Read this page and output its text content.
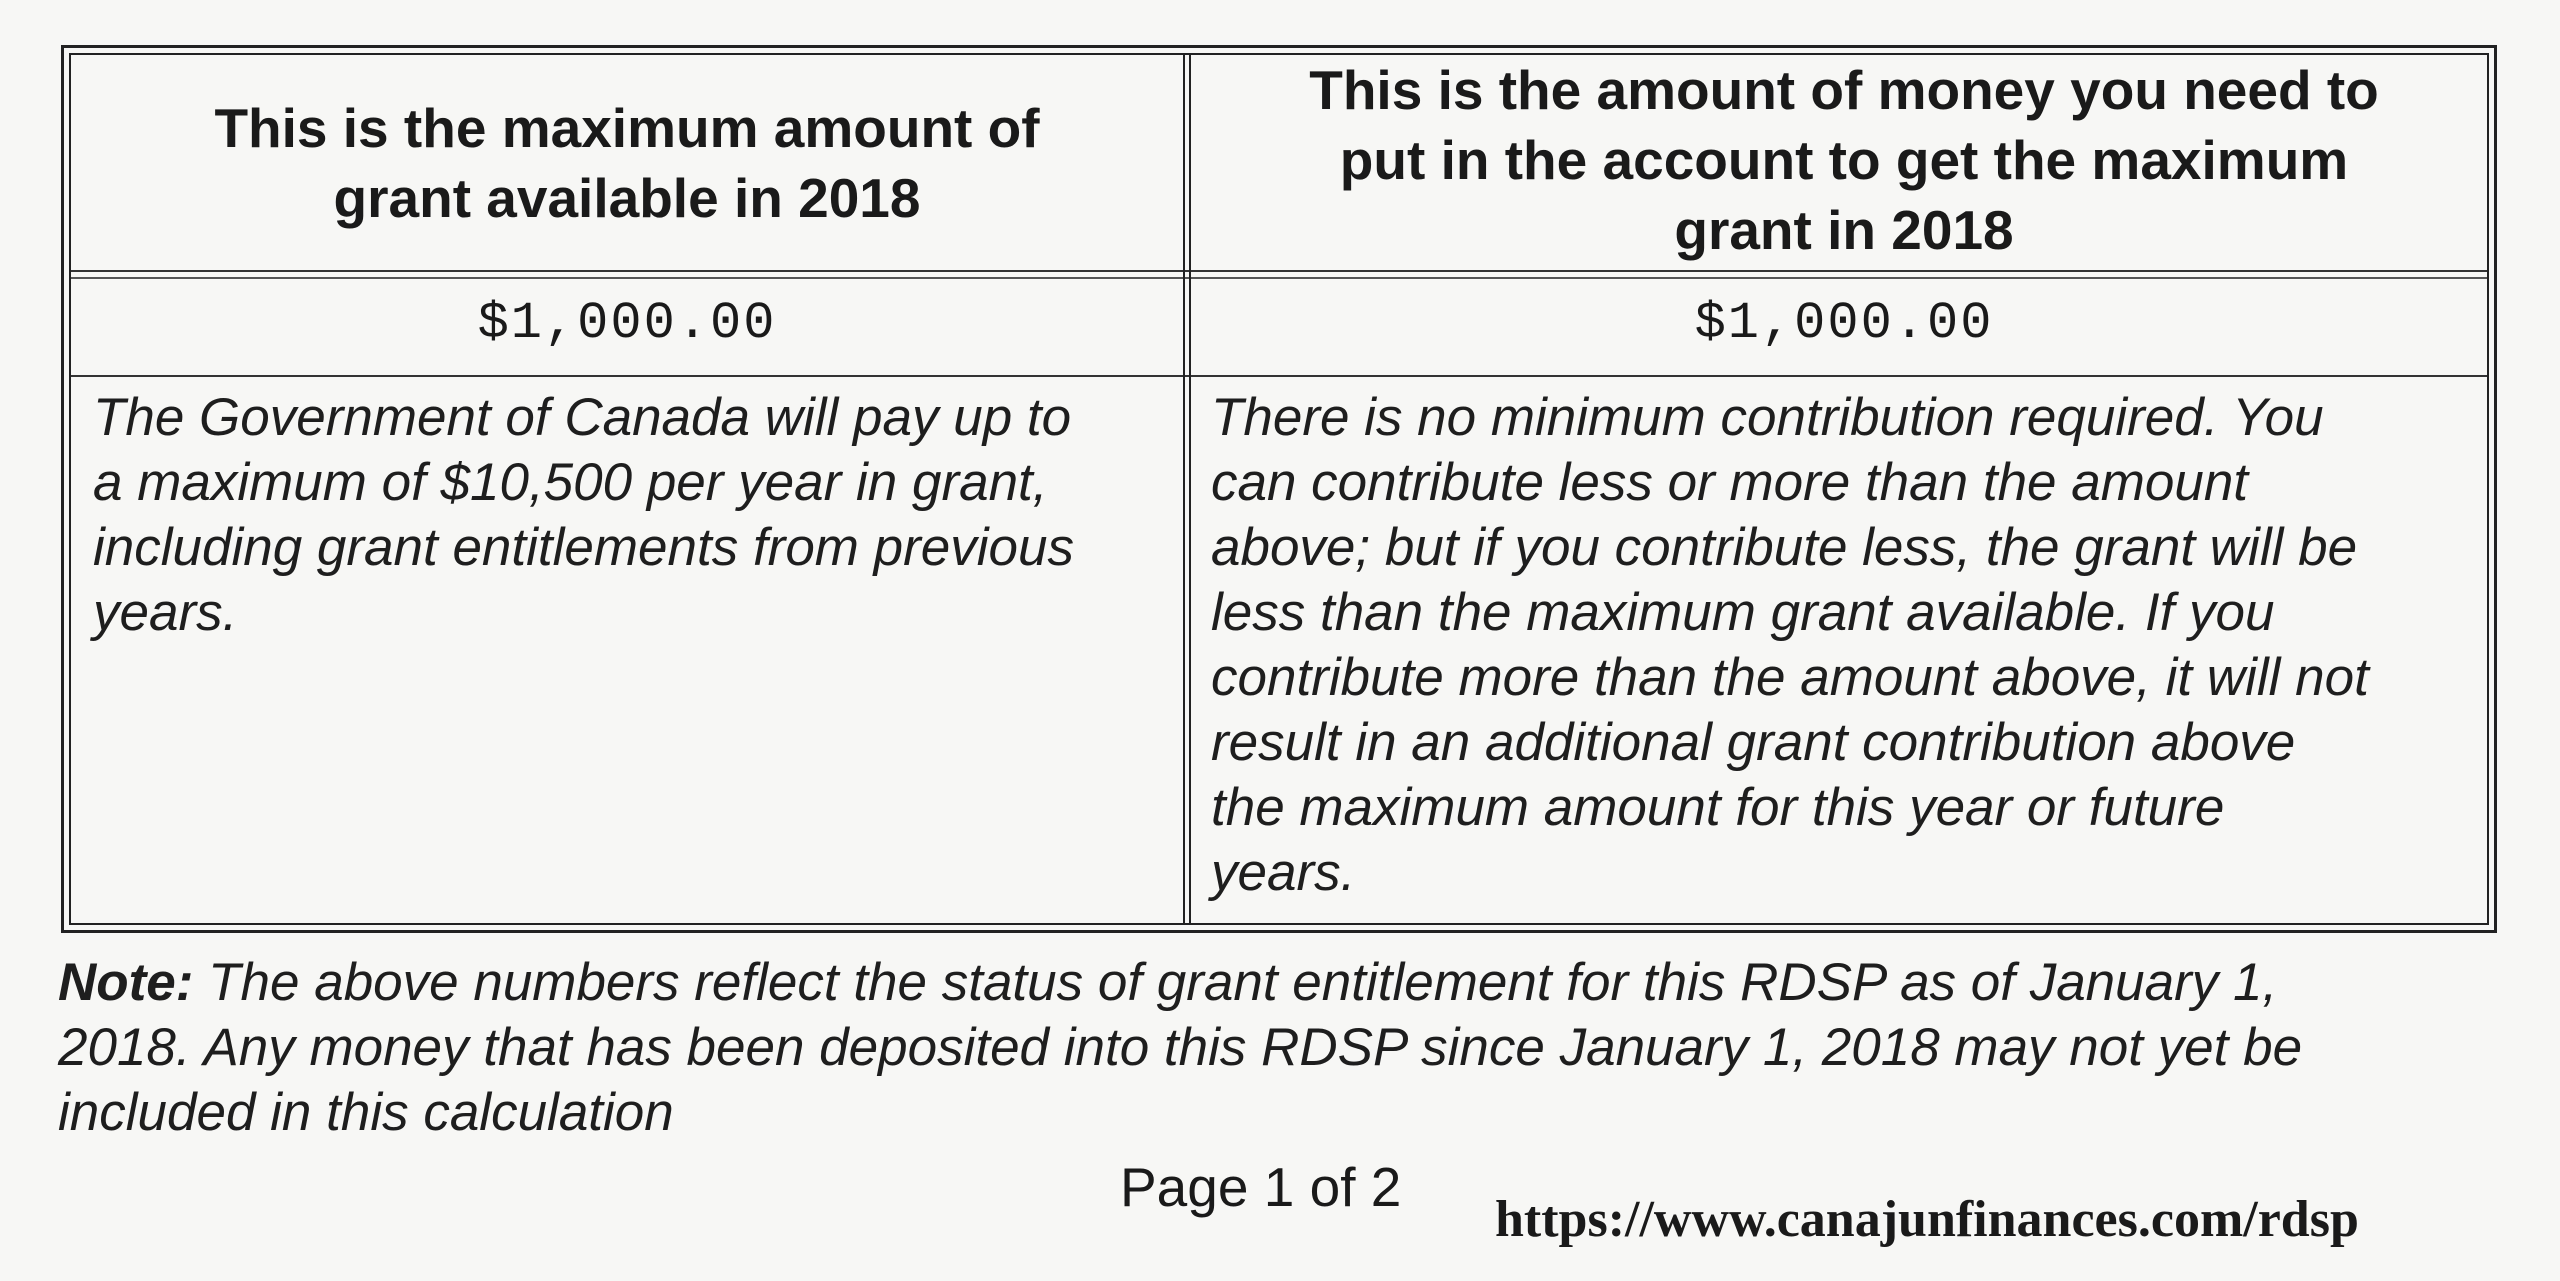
This is the maximum amount of
grant available in 2018
This is the amount of money you need to
put in the account to get the maximum
grant in 2018
$1,000.00	$1,000.00
The Government of Canada will pay up to
a maximum of $10,500 per year in grant,
including grant entitlements from previous
years.
There is no minimum contribution required. You
can contribute less or more than the amount
above; but if you contribute less, the grant will be
less than the maximum grant available. If you
contribute more than the amount above, it will not
result in an additional grant contribution above
the maximum amount for this year or future
years.
Note: The above numbers reflect the status of grant entitlement for this RDSP as of January 1,
2018. Any money that has been deposited into this RDSP since January 1, 2018 may not yet be
included in this calculation
Page 1 of 2
https://www.canajunfinances.com/rdsp
